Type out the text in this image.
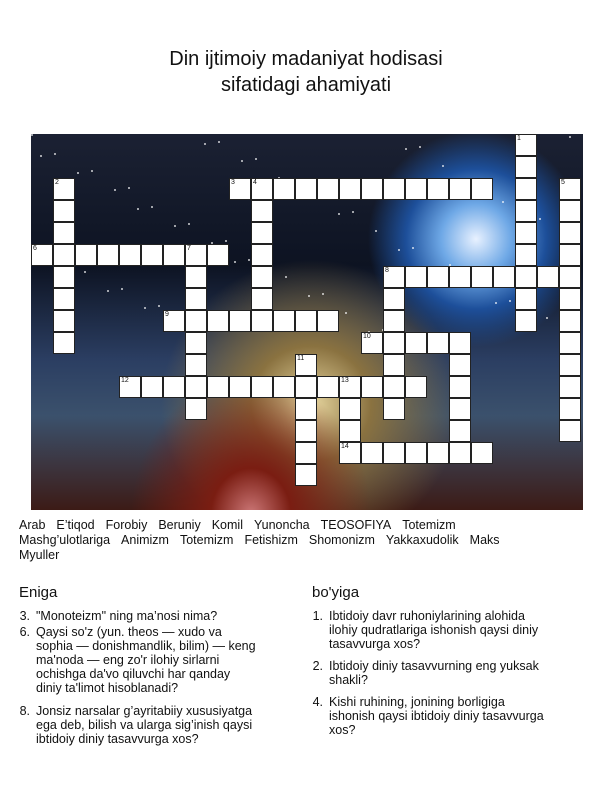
Din ijtimoiy madaniyat hodisasi
sifatidagi ahamiyati
1
2	3	4	5
6	7
8
9
10
11
12	13
14
Arab E’tiqod Forobiy Beruniy Komil Yunoncha TEOSOFIYA Totemizm
Mashg’ulotlariga Animizm Totemizm Fetishizm Shomonizm Yakkaxudolik Maks
Myuller
Eniga	bo'yiga
3. "Monoteizm" ning ma’nosi nima?
6. Qaysi so'z (yun. theos — xudo va
sophia — donishmandlik, bilim) — keng
ma'noda — eng zo'r ilohiy sirlarni
ochishga da'vo qiluvchi har qanday
diniy ta'limot hisoblanadi?
8. Jonsiz narsalar g’ayritabiiy xususiyatga
ega deb, bilish va ularga sig’inish qaysi
ibtidoiy diniy tasavvurga xos?
1. Ibtidoiy davr ruhoniylarining alohida
ilohiy qudratlariga ishonish qaysi diniy
tasavvurga xos?
2. Ibtidoiy diniy tasavvurning eng yuksak
shakli?
4. Kishi ruhining, jonining borligiga
ishonish qaysi ibtidoiy diniy tasavvurga
xos?
